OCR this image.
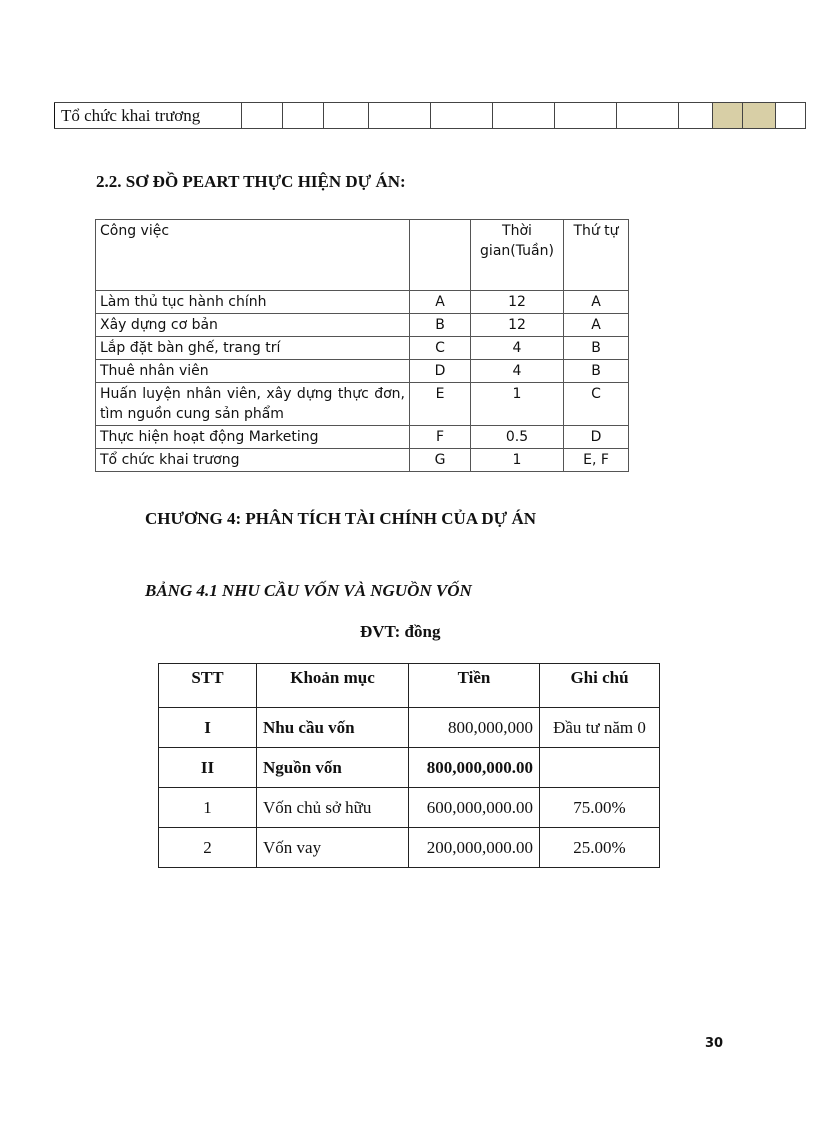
Tổ chức khai trương												
2.2. SƠ ĐỒ PEART THỰC HIỆN DỰ ÁN:
Công việc		Thời gian(Tuần)	Thứ tự
Làm thủ tục hành chính	A	12	A
Xây dựng cơ bản	B	12	A
Lắp đặt bàn ghế, trang trí	C	4	B
Thuê nhân viên	D	4	B
Huấn luyện nhân viên, xây dựng thực đơn, tìm nguồn cung sản phẩm	E	1	C
Thực hiện hoạt động Marketing	F	0.5	D
Tổ chức khai trương	G	1	E, F
CHƯƠNG 4: PHÂN TÍCH TÀI CHÍNH CỦA DỰ ÁN
BẢNG 4.1 NHU CẦU VỐN VÀ NGUỒN VỐN
ĐVT: đồng
STT	Khoản mục	Tiền	Ghi chú
I	Nhu cầu vốn	800,000,000	Đầu tư năm 0
II	Nguồn vốn	800,000,000.00	
1	Vốn chủ sở hữu	600,000,000.00	75.00%
2	Vốn vay	200,000,000.00	25.00%
30
